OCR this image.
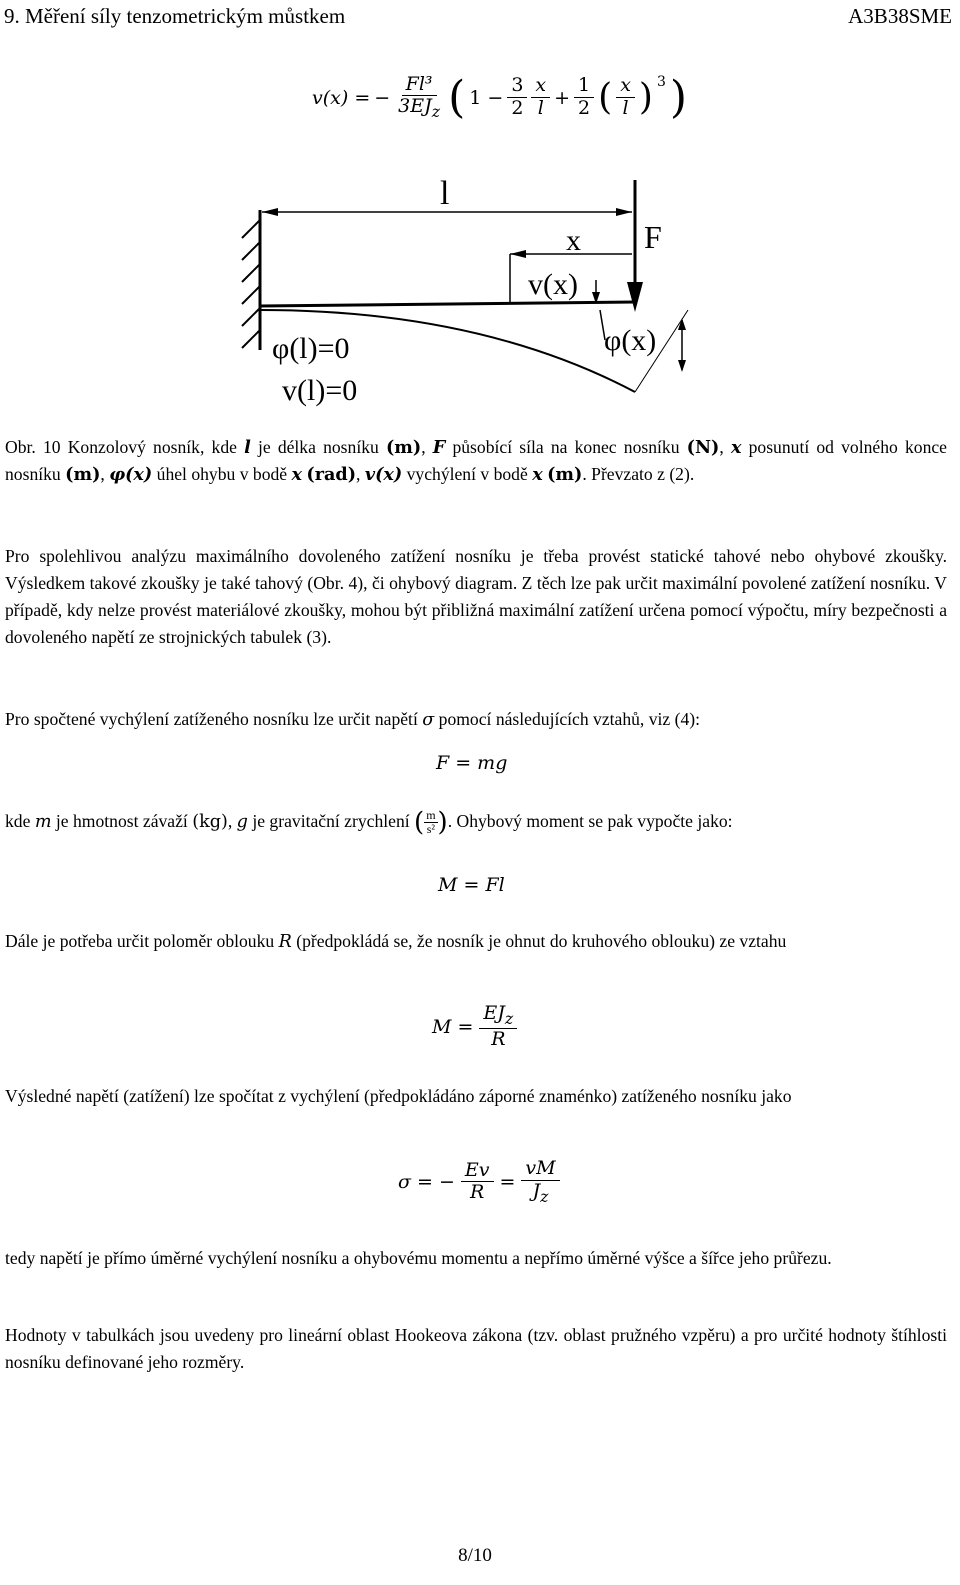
9. Měření síly tenzometrickým můstkem	A3B38SME
v(x) = − $\frac{\text{Fl³}}{3EJ_z}$ ( $1 - \frac{3}{2} \frac{x}{l} + \frac{1}{2}$ ( $\frac{x}{l}$ ) $^3$ )
l
x F
v(x)
φ(x)
φ(l)=0
v(l)=0
Obr. 10 Konzolový nosník, kde l je délka nosníku (m), F působící síla na konec nosníku (N), x posunutí od volného konce nosníku (m), φ(x) úhel ohybu v bodě x (rad), v(x) vychýlení v bodě x (m). Převzato z (2).
Pro spolehlivou analýzu maximálního dovoleného zatížení nosníku je třeba provést statické tahové nebo ohybové zkoušky. Výsledkem takové zkoušky je také tahový (Obr. 4), či ohybový diagram. Z těch lze pak určit maximální povolené zatížení nosníku. V případě, kdy nelze provést materiálové zkoušky, mohou být přibližná maximální zatížení určena pomocí výpočtu, míry bezpečnosti a dovoleného napětí ze strojnických tabulek (3).
Pro spočtené vychýlení zatíženého nosníku lze určit napětí σ pomocí následujících vztahů, viz (4):
F = mg
kde m je hmotnost závaží (kg), g je gravitační zrychlení ( $\frac{m}{\text{s²}}$ ). Ohybový moment se pak vypočte jako:
M = Fl
Dále je potřeba určit poloměr oblouku R (předpokládá se, že nosník je ohnut do kruhového oblouku) ze vztahu
$M = \frac{EJ_z}{R}$
Výsledné napětí (zatížení) lze spočítat z vychýlení (předpokládáno záporné znaménko) zatíženého nosníku jako
σ = − $\frac{Ev}{R} = \frac{vM}{J_z}$
tedy napětí je přímo úměrné vychýlení nosníku a ohybovému momentu a nepřímo úměrné výšce a šířce jeho průřezu.
Hodnoty v tabulkách jsou uvedeny pro lineární oblast Hookeova zákona (tzv. oblast pružného vzpěru) a pro určité hodnoty štíhlosti nosníku definované jeho rozměry.
8/10
